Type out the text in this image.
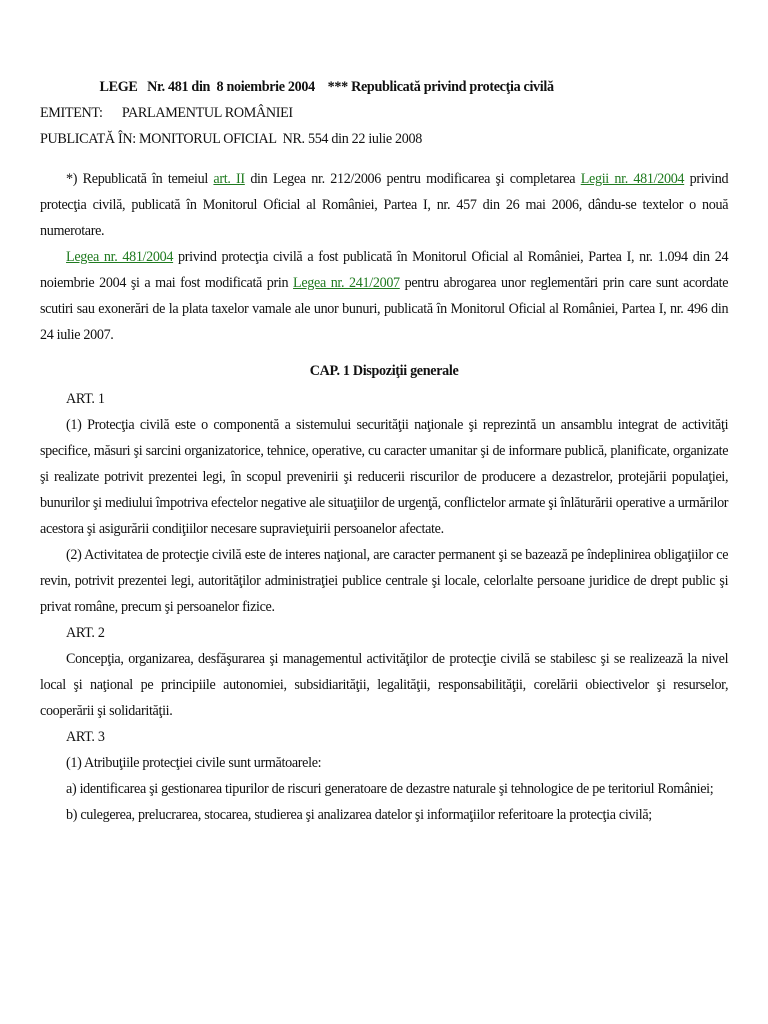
LEGE   Nr. 481 din  8 noiembrie 2004    *** Republicată privind protecţia civilă
EMITENT:      PARLAMENTUL ROMÂNIEI
PUBLICATĂ ÎN: MONITORUL OFICIAL  NR. 554 din 22 iulie 2008

*) Republicată în temeiul art. II din Legea nr. 212/2006 pentru modificarea şi completarea Legii nr. 481/2004 privind protecţia civilă, publicată în Monitorul Oficial al României, Partea I, nr. 457 din 26 mai 2006, dându-se textelor o nouă numerotare.

Legea nr. 481/2004 privind protecţia civilă a fost publicată în Monitorul Oficial al României, Partea I, nr. 1.094 din 24 noiembrie 2004 şi a mai fost modificată prin Legea nr. 241/2007 pentru abrogarea unor reglementări prin care sunt acordate scutiri sau exonerări de la plata taxelor vamale ale unor bunuri, publicată în Monitorul Oficial al României, Partea I, nr. 496 din 24 iulie 2007.

CAP. 1 Dispoziţii generale

ART. 1

(1) Protecţia civilă este o componentă a sistemului securităţii naţionale şi reprezintă un ansamblu integrat de activităţi specifice, măsuri şi sarcini organizatorice, tehnice, operative, cu caracter umanitar şi de informare publică, planificate, organizate şi realizate potrivit prezentei legi, în scopul prevenirii şi reducerii riscurilor de producere a dezastrelor, protejării populaţiei, bunurilor şi mediului împotriva efectelor negative ale situaţiilor de urgenţă, conflictelor armate şi înlăturării operative a urmărilor acestora şi asigurării condiţiilor necesare supravieţuirii persoanelor afectate.

(2) Activitatea de protecţie civilă este de interes naţional, are caracter permanent şi se bazează pe îndeplinirea obligaţiilor ce revin, potrivit prezentei legi, autorităţilor administraţiei publice centrale şi locale, celorlalte persoane juridice de drept public şi privat române, precum şi persoanelor fizice.

ART. 2

Concepţia, organizarea, desfăşurarea şi managementul activităţilor de protecţie civilă se stabilesc şi se realizează la nivel local şi naţional pe principiile autonomiei, subsidiarităţii, legalităţii, responsabilităţii, corelării obiectivelor şi resurselor, cooperării şi solidarităţii.

ART. 3

(1) Atribuţiile protecţiei civile sunt următoarele:

a) identificarea şi gestionarea tipurilor de riscuri generatoare de dezastre naturale şi tehnologice de pe teritoriul României;

b) culegerea, prelucrarea, stocarea, studierea şi analizarea datelor şi informaţiilor referitoare la protecţia civilă;
